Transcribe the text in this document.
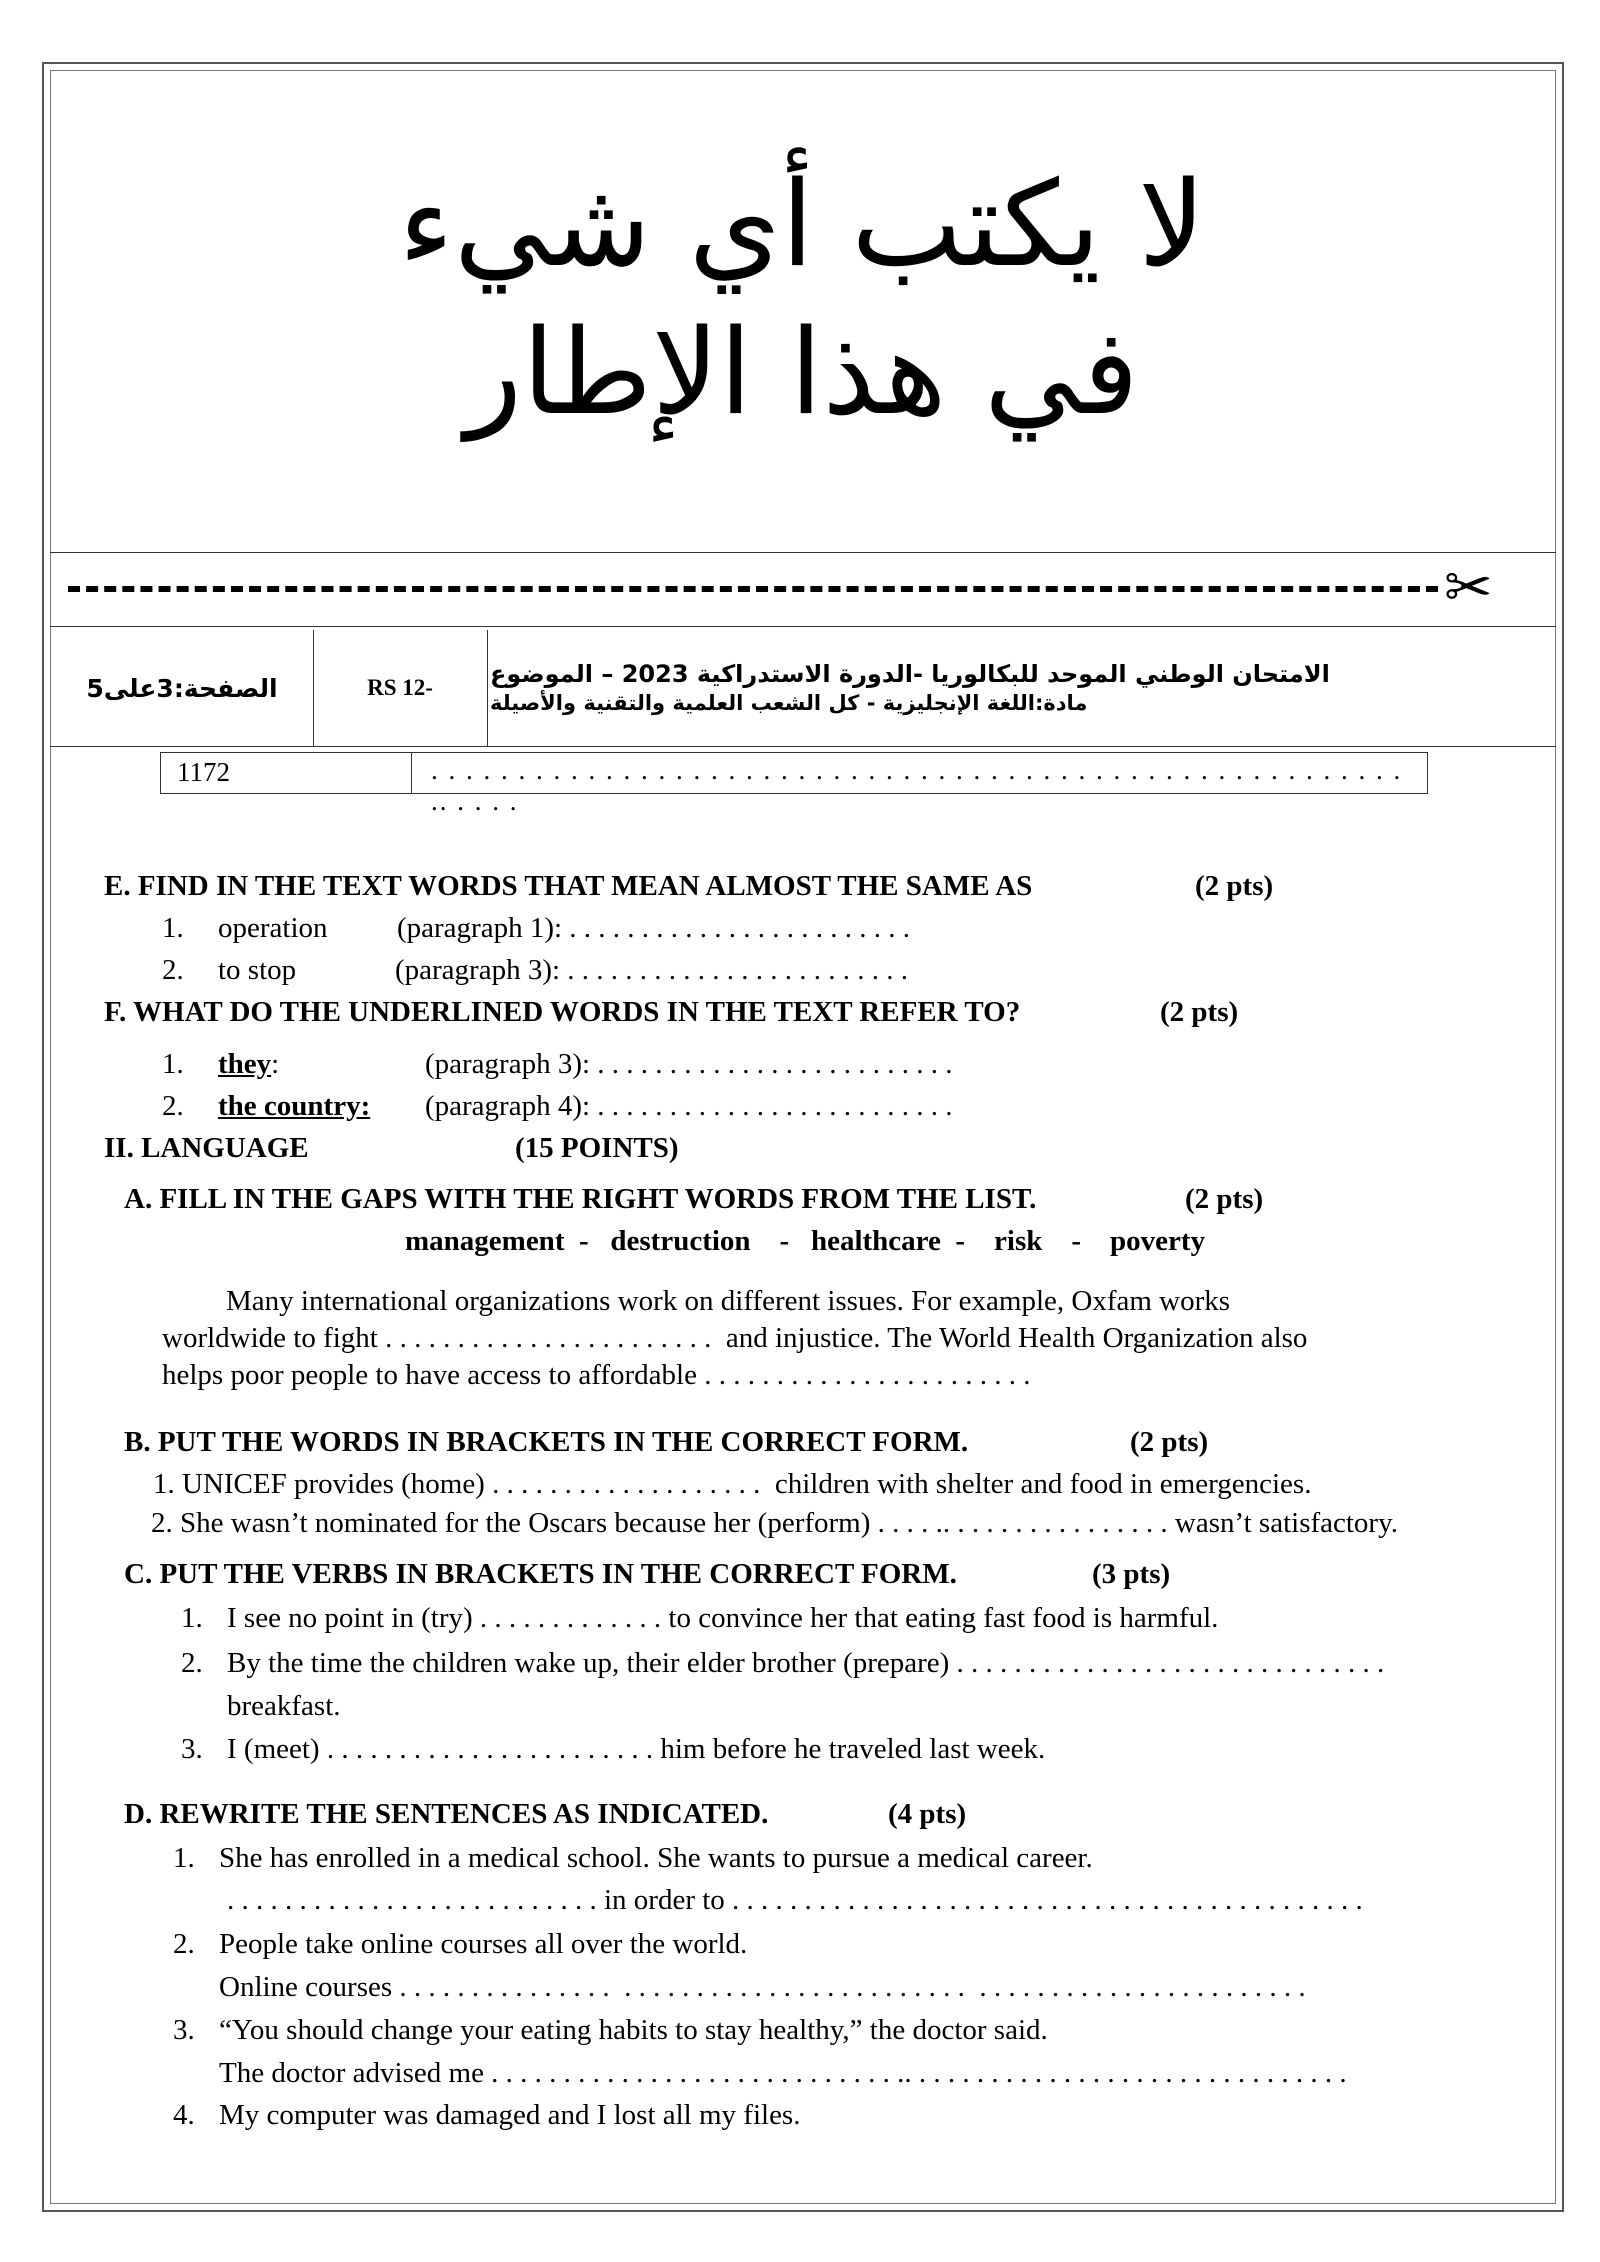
لا يكتب أي شيء
في هذا الإطار
✂
الصفحة:3على5	RS 12-	الامتحان الوطني الموحد للبكالوريا -الدورة الاستدراكية 2023 – الموضوع
مادة:اللغة الإنجليزية - كل الشعب العلمية والتقنية والأصيلة
1172	. . . . . . . . . . . . . . . . . . . . . . . . . . . . . . . . . . . . . . . . . . . . . . . . . . . . . . . . .. . . . .
E. FIND IN THE TEXT WORDS THAT MEAN ALMOST THE SAME AS	(2 pts)
1. operation (paragraph 1): . . . . . . . . . . . . . . . . . . . . . . . .
2. to stop	(paragraph 3): . . . . . . . . . . . . . . . . . . . . . . . .
F. WHAT DO THE UNDERLINED WORDS IN THE TEXT REFER TO?	(2 pts)
1. they:	(paragraph 3): . . . . . . . . . . . . . . . . . . . . . . . . .
2. the country: (paragraph 4): . . . . . . . . . . . . . . . . . . . . . . . . .
II. LANGUAGE	(15 POINTS)
A. FILL IN THE GAPS WITH THE RIGHT WORDS FROM THE LIST.	(2 pts)
management  -   destruction    -   healthcare  -    risk    -    poverty
Many international organizations work on different issues. For example, Oxfam works
worldwide to fight . . . . . . . . . . . . . . . . . . . . . . .  and injustice. The World Health Organization also
helps poor people to have access to affordable . . . . . . . . . . . . . . . . . . . . . . .
B. PUT THE WORDS IN BRACKETS IN THE CORRECT FORM.	(2 pts)
1. UNICEF provides (home) . . . . . . . . . . . . . . . . . . .  children with shelter and food in emergencies.
2. She wasn’t nominated for the Oscars because her (perform) . . . . .. . . . . . . . . . . . . . . . wasn’t satisfactory.
C. PUT THE VERBS IN BRACKETS IN THE CORRECT FORM.	(3 pts)
1. I see no point in (try) . . . . . . . . . . . . . to convince her that eating fast food is harmful.
2. By the time the children wake up, their elder brother (prepare) . . . . . . . . . . . . . . . . . . . . . . . . . . . . . .
breakfast.
3. I (meet) . . . . . . . . . . . . . . . . . . . . . . . him before he traveled last week.
D. REWRITE THE SENTENCES AS INDICATED.	(4 pts)
1. She has enrolled in a medical school. She wants to pursue a medical career.
. . . . . . . . . . . . . . . . . . . . . . . . . . in order to . . . . . . . . . . . . . . . . . . . . . . . . . . . . . . . . . . . . . . . . . . . .
2. People take online courses all over the world.
Online courses . . . . . . . . . . . . . . .  . . . . . . . . . . . . . . . . . . . . . . . .  . . . . . . . . . . . . . . . . . . . . . . .
3. “You should change your eating habits to stay healthy,” the doctor said.
The doctor advised me . . . . . . . . . . . . . . . . . . . . . . . . . . . . .. . . . . . . . . . . . . . . . . . . . . . . . . . . . . . .
4. My computer was damaged and I lost all my files.
